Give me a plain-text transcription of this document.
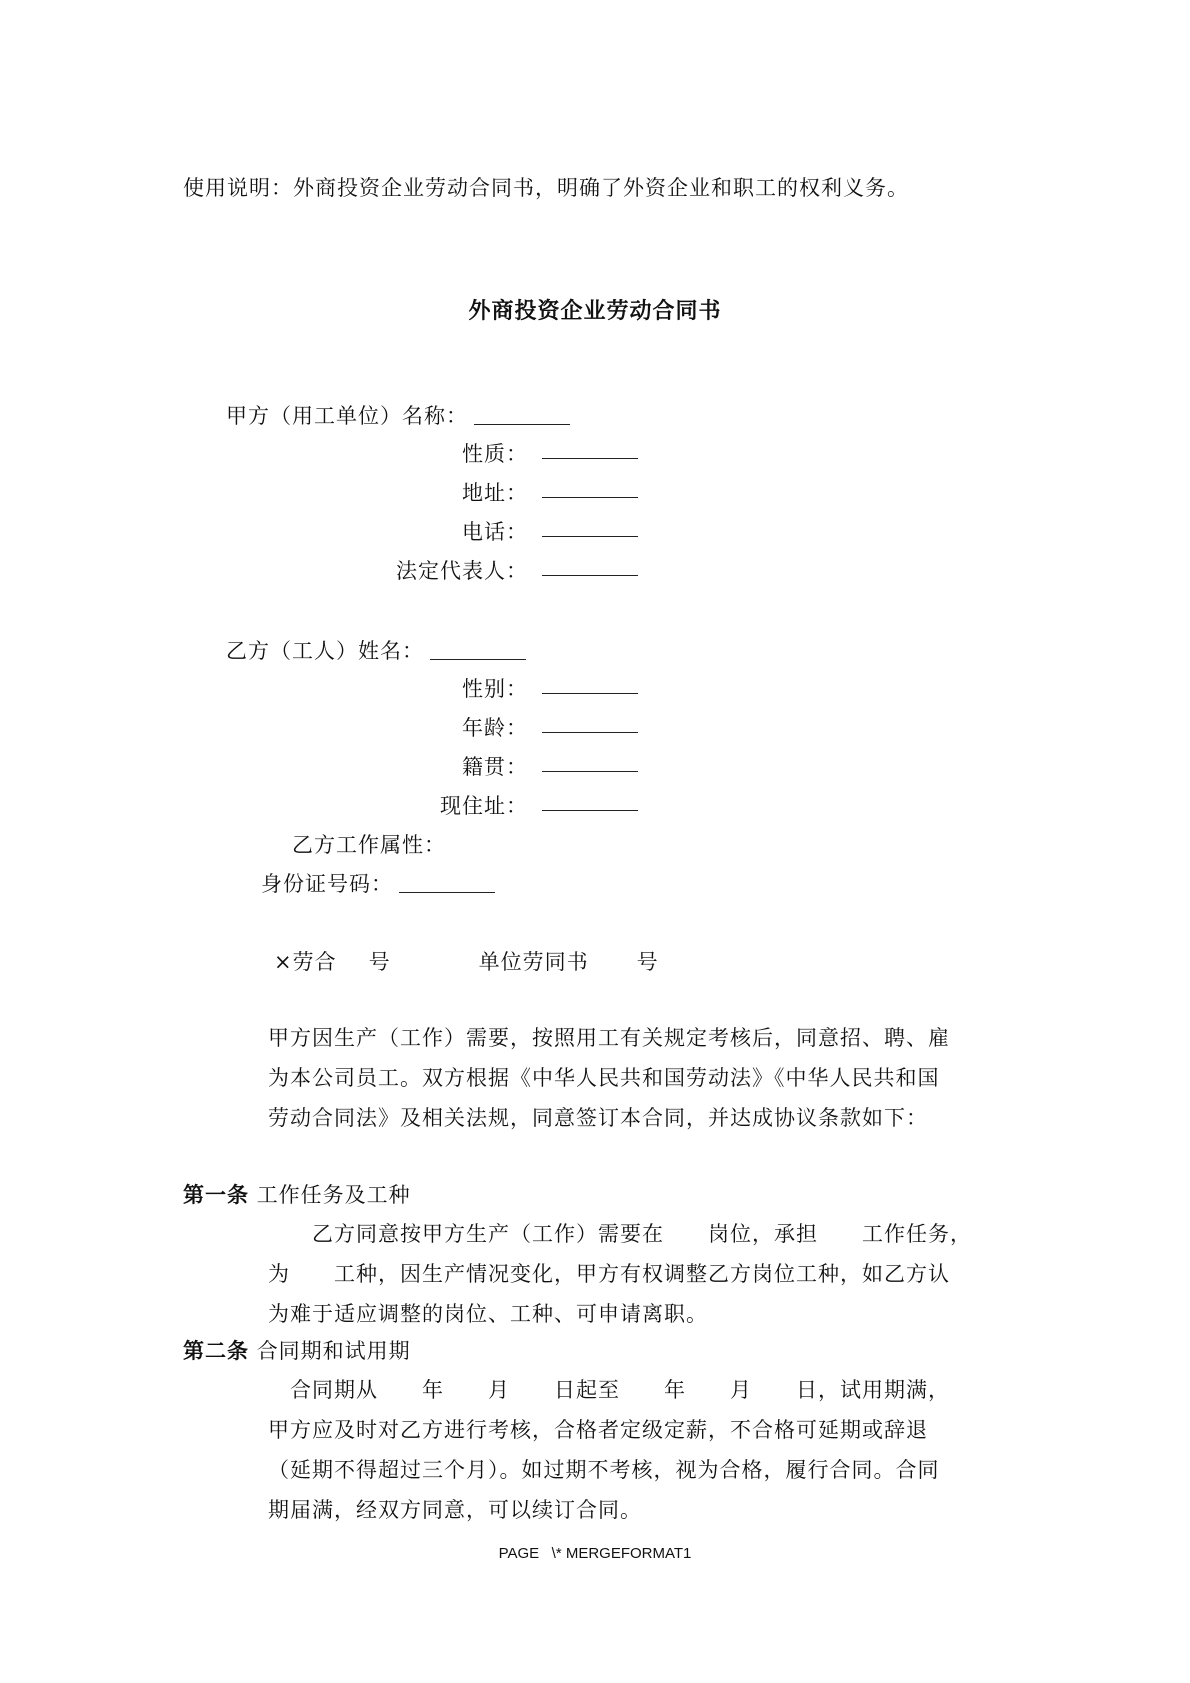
使用说明：外商投资企业劳动合同书，明确了外资企业和职工的权利义务。
外商投资企业劳动合同书
甲方（用工单位）名称：
性质：
地址：
电话：
法定代表人：
乙方（工人）姓名：
性别：
年龄：
籍贯：
现住址：
乙方工作属性：
身份证号码：
×劳合 号	单位劳同书 号

甲方因生产（工作）需要，按照用工有关规定考核后，同意招、聘、雇

为本公司员工。双方根据《中华人民共和国劳动法》《中华人民共和国

劳动合同法》及相关法规，同意签订本合同，并达成协议条款如下：

第一条 工作任务及工种

　　乙方同意按甲方生产（工作）需要在　　岗位，承担　　工作任务，

为　　工种，因生产情况变化，甲方有权调整乙方岗位工种，如乙方认

为难于适应调整的岗位、工种、可申请离职。

第二条 合同期和试用期

　合同期从　　年　　月　　日起至　　年　　月　　日，试用期满，

甲方应及时对乙方进行考核，合格者定级定薪，不合格可延期或辞退

（延期不得超过三个月）。如过期不考核，视为合格，履行合同。合同

期届满，经双方同意，可以续订合同。

PAGE   \* MERGEFORMAT1
